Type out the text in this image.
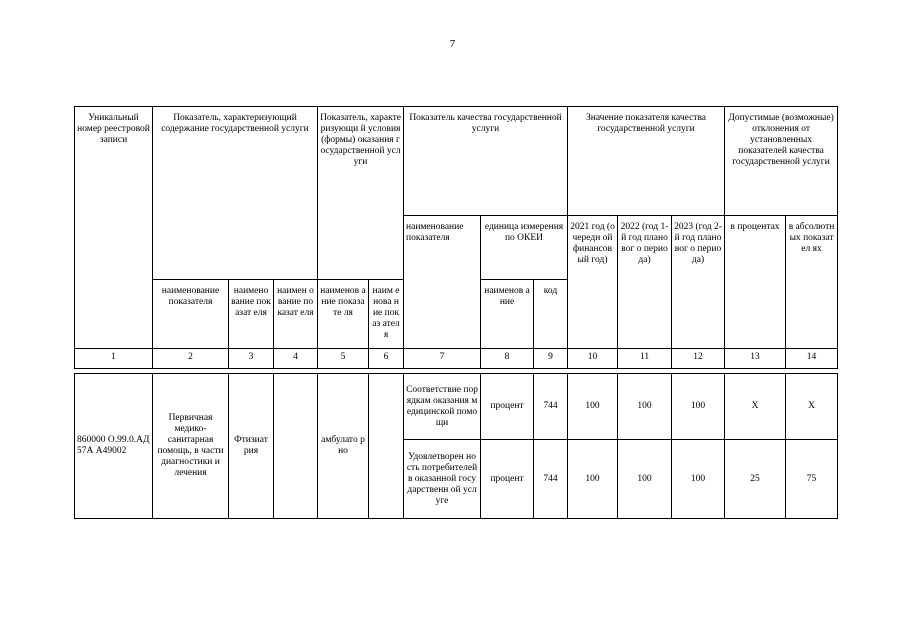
7
Уникальный номер реестровой записи	Показатель, характеризующий содержание государственной услуги			Показатель, характеризующи й условия (формы) оказания государственной услуги		Показатель качества государственной услуги			Значение показателя качества государственной услуги			Допустимые (возможные) отклонения от установленных показателей качества государственной услуги	
						наименование показателя	единица измерения по ОКЕИ		2021 год (очередн ой финансов ый год)	2022 (год 1-й год плановог о периода)	2023 (год 2-й год плановог о периода)	в процентах	в абсолютн ых показател ях
							наименов ание	код					
	наименование показателя	наимено вание показат еля	наимен ование показат еля	наименов ание показате ля	наим енова ние показ ателя								
1	2	3	4	5	6	7	8	9	10	11	12	13	14

860000 О.99.0.АД57А А49002	Первичная медико-санитарная помощь, в части диагностики и лечения	Фтизиат рия		амбулато рно		Соответствие порядкам оказания медицинской помощи	процент	744	100	100	100	Х	Х
						Удовлетворен ность потребителей в оказанной государственн ой услуге	процент	744	100	100	100	25	75
